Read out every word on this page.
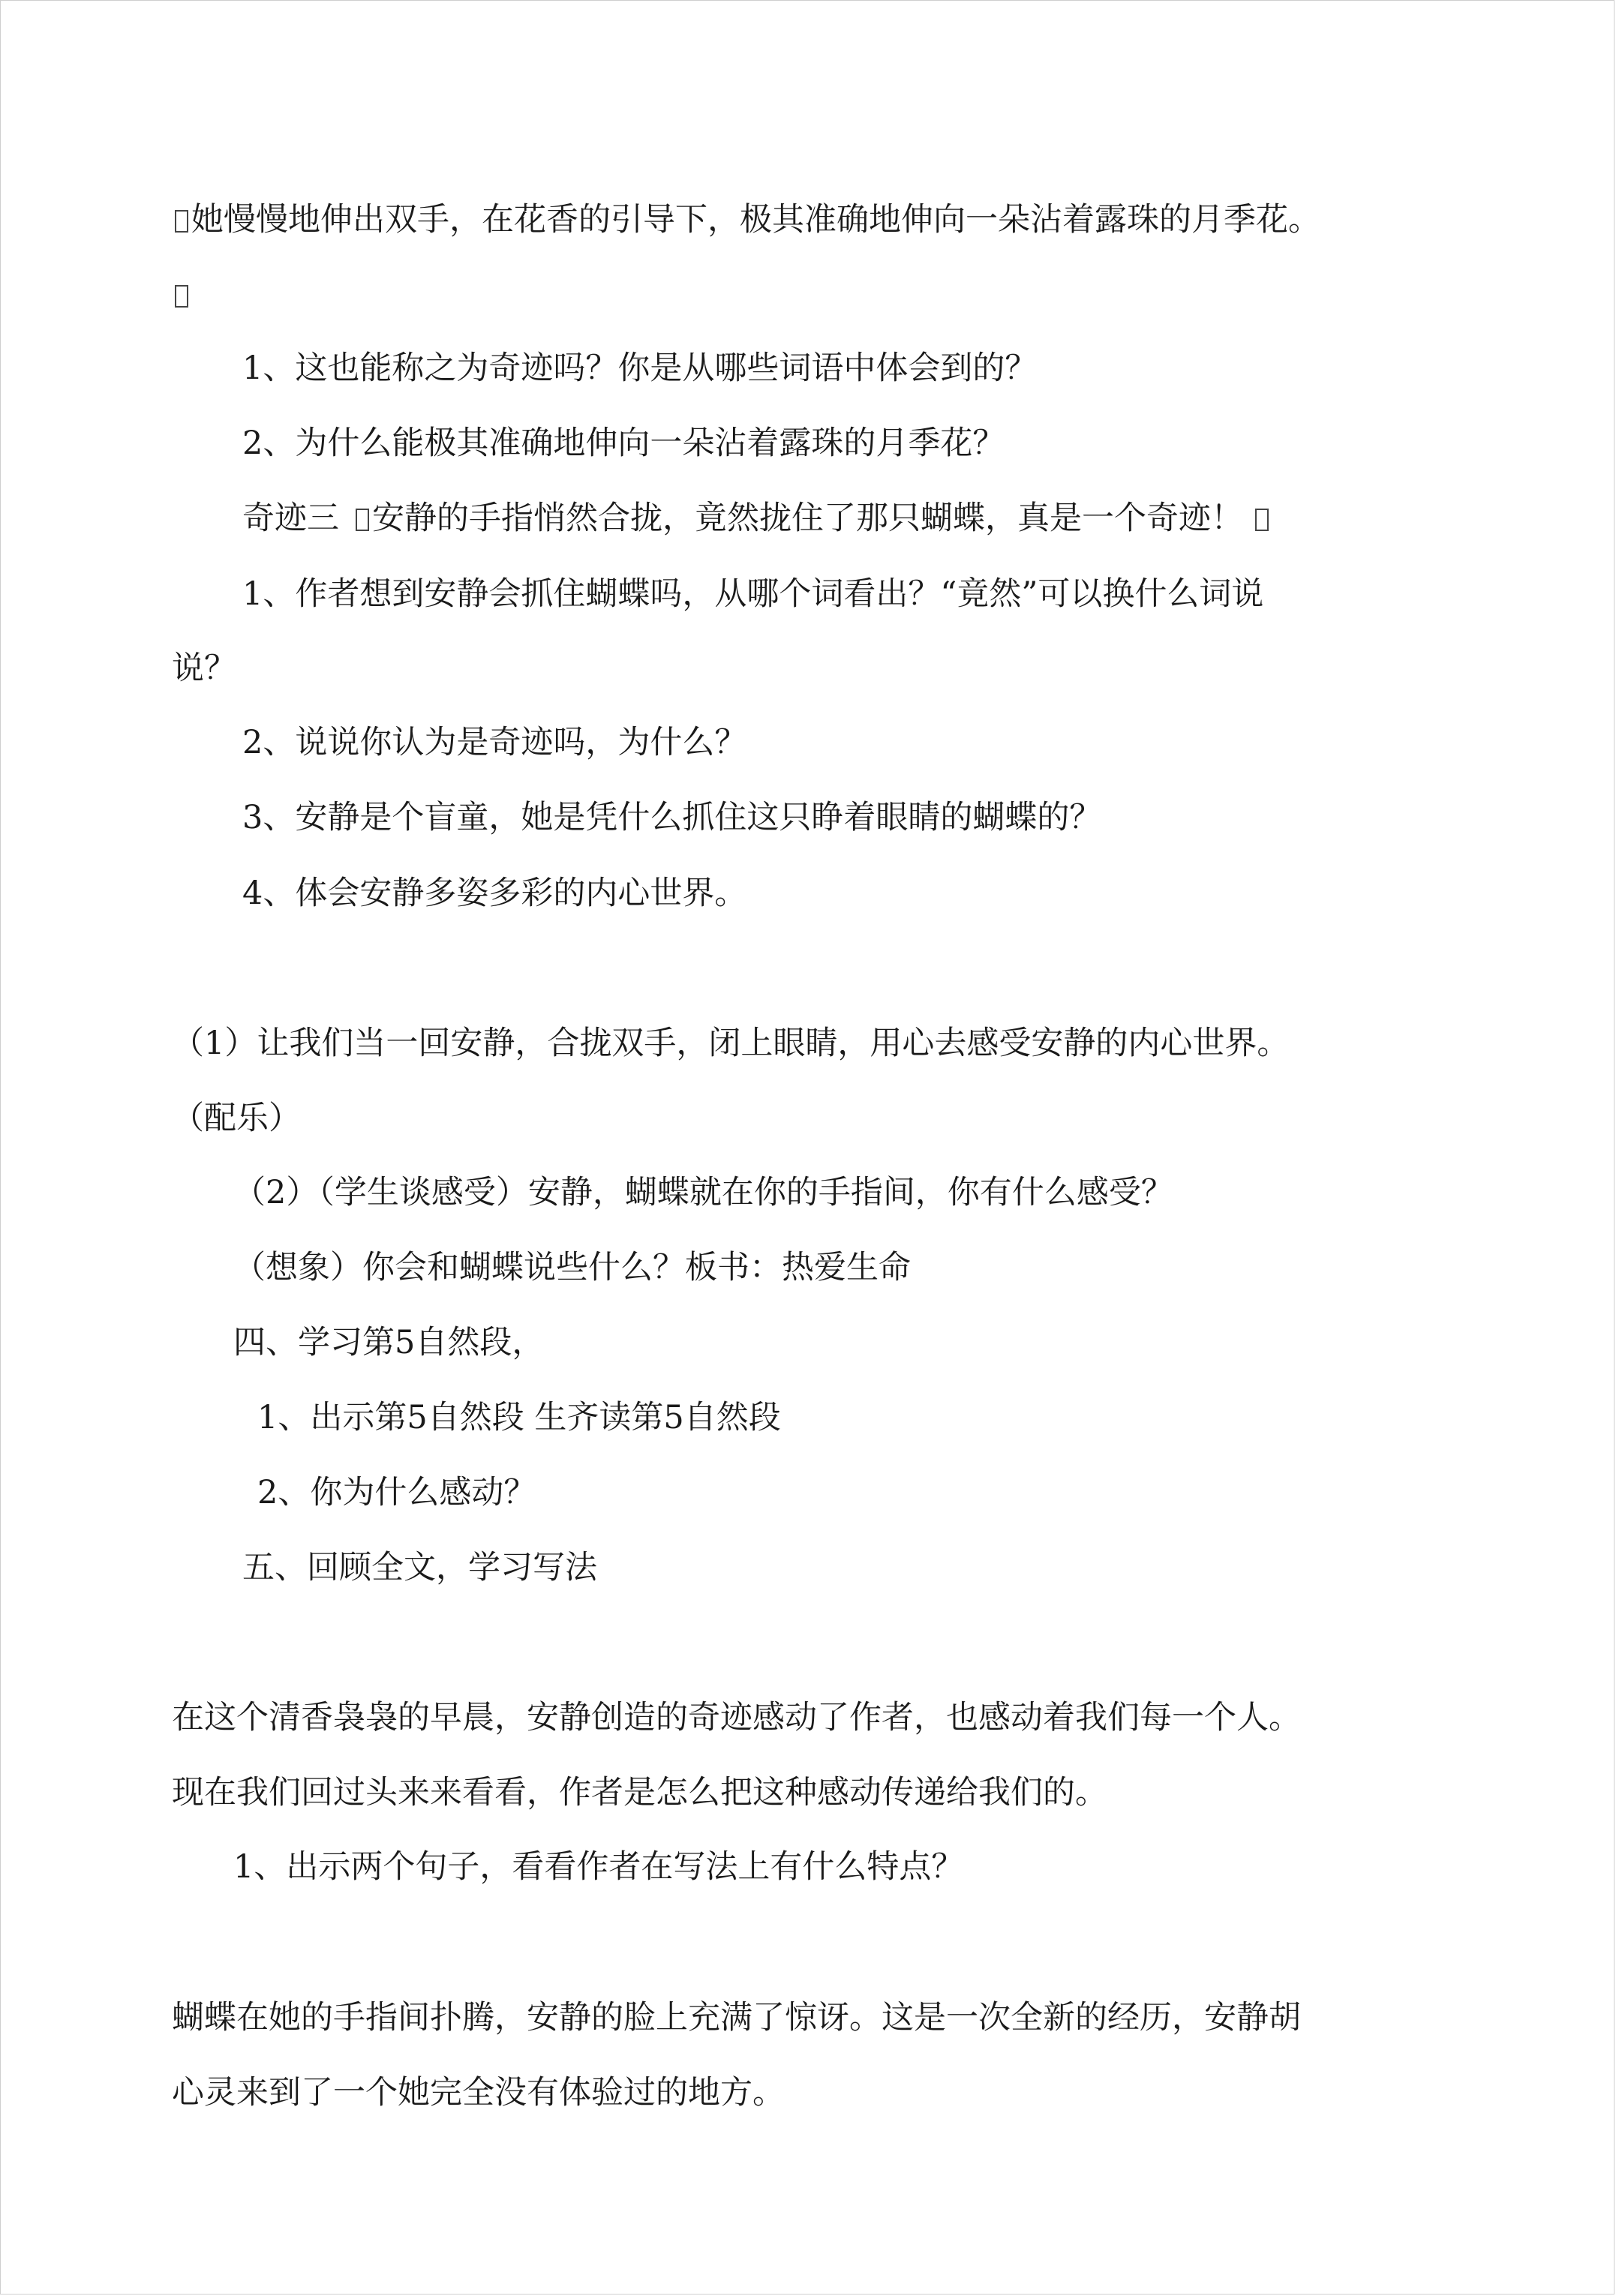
她慢慢地伸出双手，在花香的引导下，极其准确地伸向一朵沾着露珠的月季花。
1、这也能称之为奇迹吗？你是从哪些词语中体会到的？
2、为什么能极其准确地伸向一朵沾着露珠的月季花？
奇迹三 安静的手指悄然合拢，竟然拢住了那只蝴蝶，真是一个奇迹！
1、作者想到安静会抓住蝴蝶吗，从哪个词看出？“竟然”可以换什么词说
说？
2、说说你认为是奇迹吗，为什么？
3、安静是个盲童，她是凭什么抓住这只睁着眼睛的蝴蝶的？
4、体会安静多姿多彩的内心世界。
（1）让我们当一回安静，合拢双手，闭上眼睛，用心去感受安静的内心世界。
（配乐）
（2）（学生谈感受）安静，蝴蝶就在你的手指间，你有什么感受？
（想象）你会和蝴蝶说些什么？板书：热爱生命
四、学习第5自然段，
1、出示第5自然段 生齐读第5自然段
2、你为什么感动？
五、回顾全文，学习写法
在这个清香袅袅的早晨，安静创造的奇迹感动了作者，也感动着我们每一个人。
现在我们回过头来来看看，作者是怎么把这种感动传递给我们的。
1、出示两个句子，看看作者在写法上有什么特点？
蝴蝶在她的手指间扑腾，安静的脸上充满了惊讶。这是一次全新的经历，安静胡
心灵来到了一个她完全没有体验过的地方。
